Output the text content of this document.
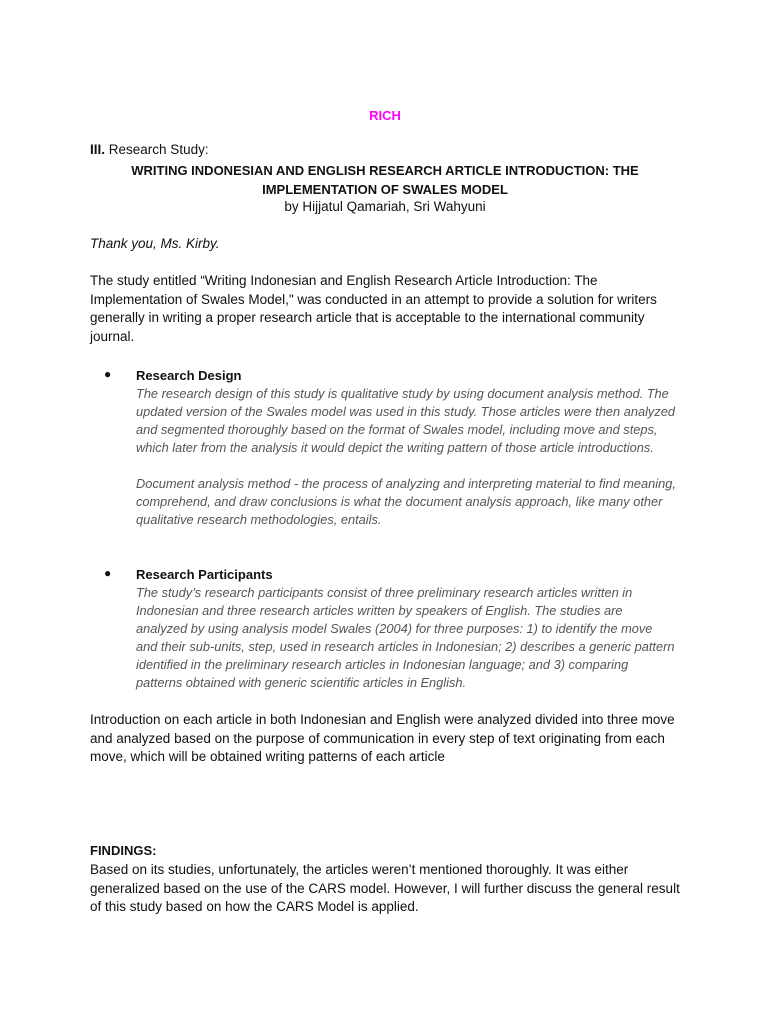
RICH
III. Research Study:
WRITING INDONESIAN AND ENGLISH RESEARCH ARTICLE INTRODUCTION: THE
IMPLEMENTATION OF SWALES MODEL
by Hijjatul Qamariah, Sri Wahyuni
Thank you, Ms. Kirby.
The study entitled “Writing Indonesian and English Research Article Introduction: The Implementation of Swales Model," was conducted in an attempt to provide a solution for writers generally in writing a proper research article that is acceptable to the international community journal.
● Research Design

The research design of this study is qualitative study by using document analysis method. The updated version of the Swales model was used in this study. Those articles were then analyzed and segmented thoroughly based on the format of Swales model, including move and steps, which later from the analysis it would depict the writing pattern of those article introductions.

Document analysis method - the process of analyzing and interpreting material to find meaning, comprehend, and draw conclusions is what the document analysis approach, like many other qualitative research methodologies, entails.

● Research Participants

The study’s research participants consist of three preliminary research articles written in Indonesian and three research articles written by speakers of English. The studies are analyzed by using analysis model Swales (2004) for three purposes: 1) to identify the move and their sub-units, step, used in research articles in Indonesian; 2) describes a generic pattern identified in the preliminary research articles in Indonesian language; and 3) comparing patterns obtained with generic scientific articles in English.

Introduction on each article in both Indonesian and English were analyzed divided into three move and analyzed based on the purpose of communication in every step of text originating from each move, which will be obtained writing patterns of each article
FINDINGS:
Based on its studies, unfortunately, the articles weren’t mentioned thoroughly. It was either generalized based on the use of the CARS model. However, I will further discuss the general result of this study based on how the CARS Model is applied.
